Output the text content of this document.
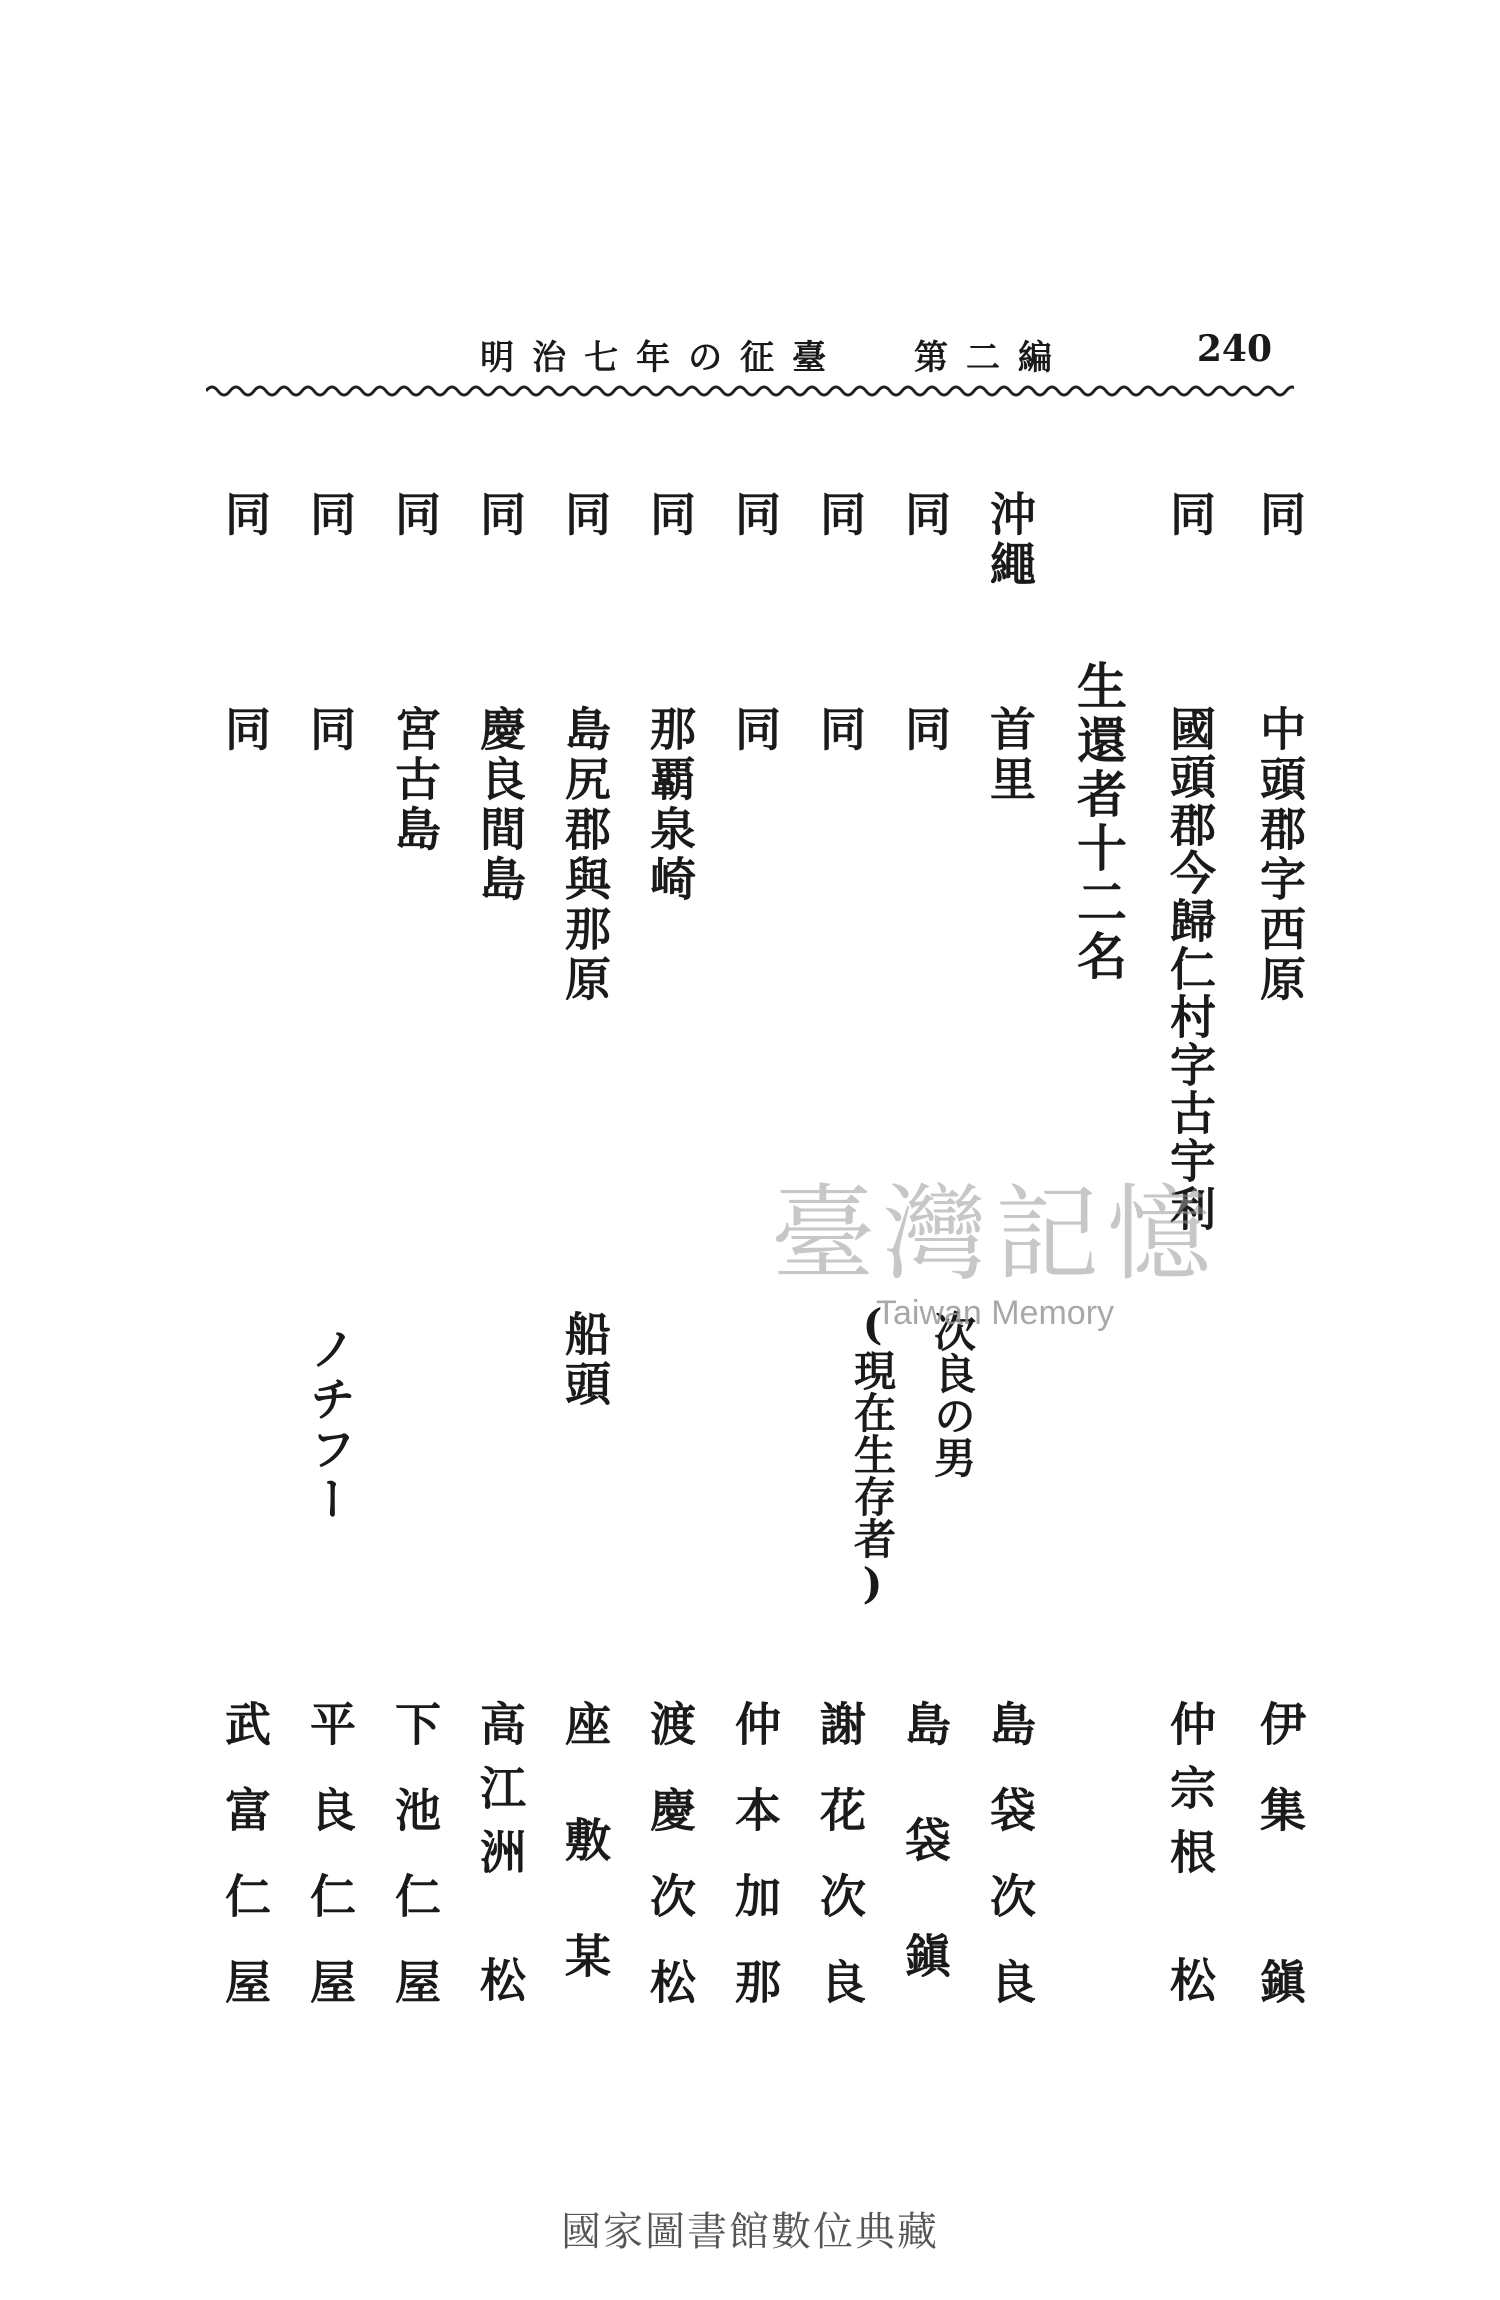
明治七年の征臺 第二編	240
同
中頭郡字西原
伊集　鎭
同
國頭郡今歸仁村字古宇利
仲宗根　松
生還者十二名
沖繩
首里
島袋次良
同
同
次良の男
島　袋　鎭
同
同
(現在生存者)
謝花次良
同
同
仲本加那
同
那覇泉崎
渡慶次松
同
島尻郡與那原
船頭
座　敷　某
同
慶良間島
高江洲　松
同
宮古島
下池仁屋
同
同
ノチフー
平良仁屋
同
同
武富仁屋
臺灣記憶
Taiwan Memory
國家圖書館數位典藏
